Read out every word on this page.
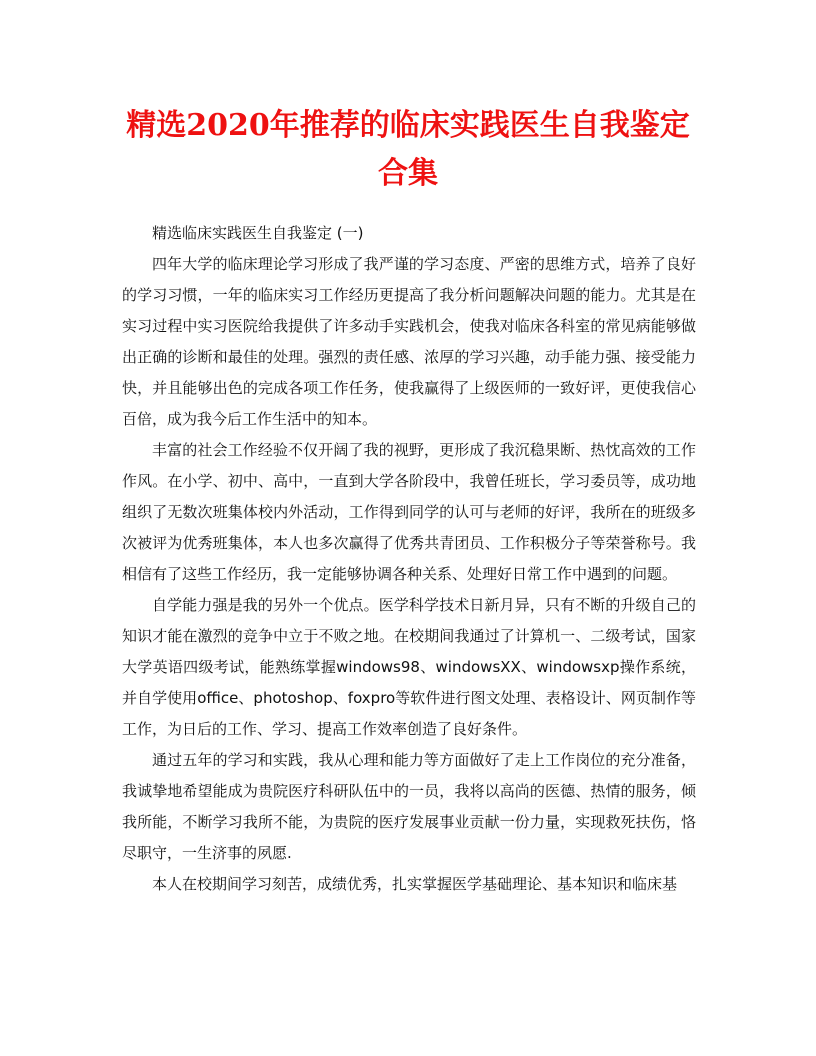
精选2020年推荐的临床实践医生自我鉴定合集

精选临床实践医生自我鉴定 (一)

四年大学的临床理论学习形成了我严谨的学习态度、严密的思维方式，培养了良好的学习习惯，一年的临床实习工作经历更提高了我分析问题解决问题的能力。尤其是在实习过程中实习医院给我提供了许多动手实践机会，使我对临床各科室的常见病能够做出正确的诊断和最佳的处理。强烈的责任感、浓厚的学习兴趣，动手能力强、接受能力快，并且能够出色的完成各项工作任务，使我赢得了上级医师的一致好评，更使我信心百倍，成为我今后工作生活中的知本。

丰富的社会工作经验不仅开阔了我的视野，更形成了我沉稳果断、热忱高效的工作作风。在小学、初中、高中，一直到大学各阶段中，我曾任班长，学习委员等，成功地组织了无数次班集体校内外活动，工作得到同学的认可与老师的好评，我所在的班级多次被评为优秀班集体，本人也多次赢得了优秀共青团员、工作积极分子等荣誉称号。我相信有了这些工作经历，我一定能够协调各种关系、处理好日常工作中遇到的问题。

自学能力强是我的另外一个优点。医学科学技术日新月异，只有不断的升级自己的知识才能在激烈的竞争中立于不败之地。在校期间我通过了计算机一、二级考试，国家大学英语四级考试，能熟练掌握windows98、windowsXX、windowsxp操作系统，并自学使用office、photoshop、foxpro等软件进行图文处理、表格设计、网页制作等工作，为日后的工作、学习、提高工作效率创造了良好条件。

通过五年的学习和实践，我从心理和能力等方面做好了走上工作岗位的充分准备，我诚挚地希望能成为贵院医疗科研队伍中的一员，我将以高尚的医德、热情的服务，倾我所能，不断学习我所不能，为贵院的医疗发展事业贡献一份力量，实现救死扶伤，恪尽职守，一生济事的夙愿.

本人在校期间学习刻苦，成绩优秀，扎实掌握医学基础理论、基本知识和临床基
